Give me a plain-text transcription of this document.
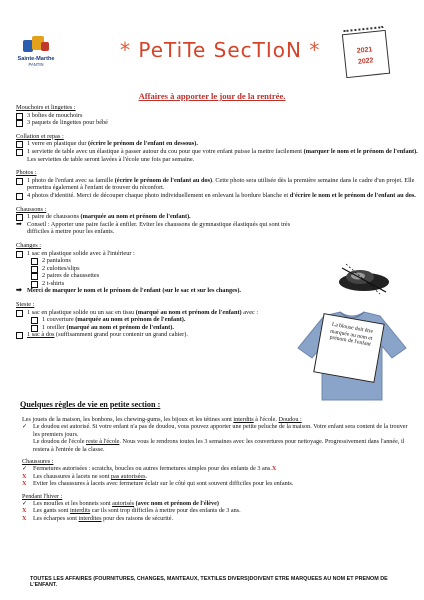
Sainte-Marthe
PANTIN
* PeTiTe SecTIoN *	2021
2022
Affaires à apporter le jour de la rentrée.
Mouchoirs et lingettes :
3 boîtes de mouchoirs
3 paquets de lingettes pour bébé
Collation et repas :
1 verre en plastique dur (écrire le prénom de l'enfant en dessous).
1 serviette de table avec un élastique à passer autour du cou pour que votre enfant puisse la mettre facilement (marquer le nom et le prénom de l'enfant). Les serviettes de table seront lavées à l'école une fois par semaine.
Photos :
1 photo de l'enfant avec sa famille (écrire le prénom de l'enfant au dos). Cette photo sera utilisée dès la première semaine dans le cadre d'un projet. Elle permettra également à l'enfant de trouver du réconfort.
4 photos d'identité. Merci de découper chaque photo individuellement en enlevant la bordure blanche et d'écrire le nom et le prénom de l'enfant au dos.
Chaussons :
1 paire de chaussons (marquée au nom et prénom de l'enfant).
➡ Conseil : Apporter une paire facile à enfiler. Eviter les chaussons de gymnastique élastiqués qui sont très difficiles à mettre pour les enfants.
Changes :
1 sac en plastique solide avec à l'intérieur :
2 pantalons
2 culottes/slips
2 paires de chaussettes
2 t-shirts
➡ Merci de marquer le nom et le prénom de l'enfant (sur le sac et sur les changes).
Sieste :
1 sac en plastique solide ou un sac en tissu (marqué au nom et prénom de l'enfant) avec :
1 couverture (marquée au nom et prénom de l'enfant).
1 oreiller (marqué au nom et prénom de l'enfant).
1 sac à dos (suffisamment grand pour contenir un grand cahier).
La blouse doit être marquée au nom et prénom de l'enfant
Quelques règles de vie en petite section :
Les jouets de la maison, les bonbons, les chewing-gums, les bijoux et les tétines sont interdits à l'école. Doudou :
✓ Le doudou est autorisé. Si votre enfant n'a pas de doudou, vous pouvez apporter une petite peluche de la maison. Votre enfant sera content de la trouver les premiers jours.
Le doudou de l'école reste à l'école. Nous vous le rendrons toutes les 3 semaines avec les couvertures pour nettoyage. Progressivement dans l'année, il restera à l'entrée de la classe.
Chaussures :
✓ Fermetures autorisées : scratchs, boucles ou autres fermetures simples pour des enfants de 3 ans.X
X Les chaussures à lacets ne sont pas autorisées.
X Eviter les chaussures à lacets avec fermeture éclair sur le côté qui sont souvent difficiles pour les enfants.
Pendant l'hiver :
✓ Les moufles et les bonnets sont autorisés (avec nom et prénom de l'élève)
X Les gants sont interdits car ils sont trop difficiles à mettre pour des enfants de 3 ans.
X Les écharpes sont interdites pour des raisons de sécurité.
TOUTES LES AFFAIRES (FOURNITURES, CHANGES, MANTEAUX, TEXTILES DIVERS)DOIVENT ETRE MARQUEES AU NOM ET PRENOM DE L'ENFANT.
